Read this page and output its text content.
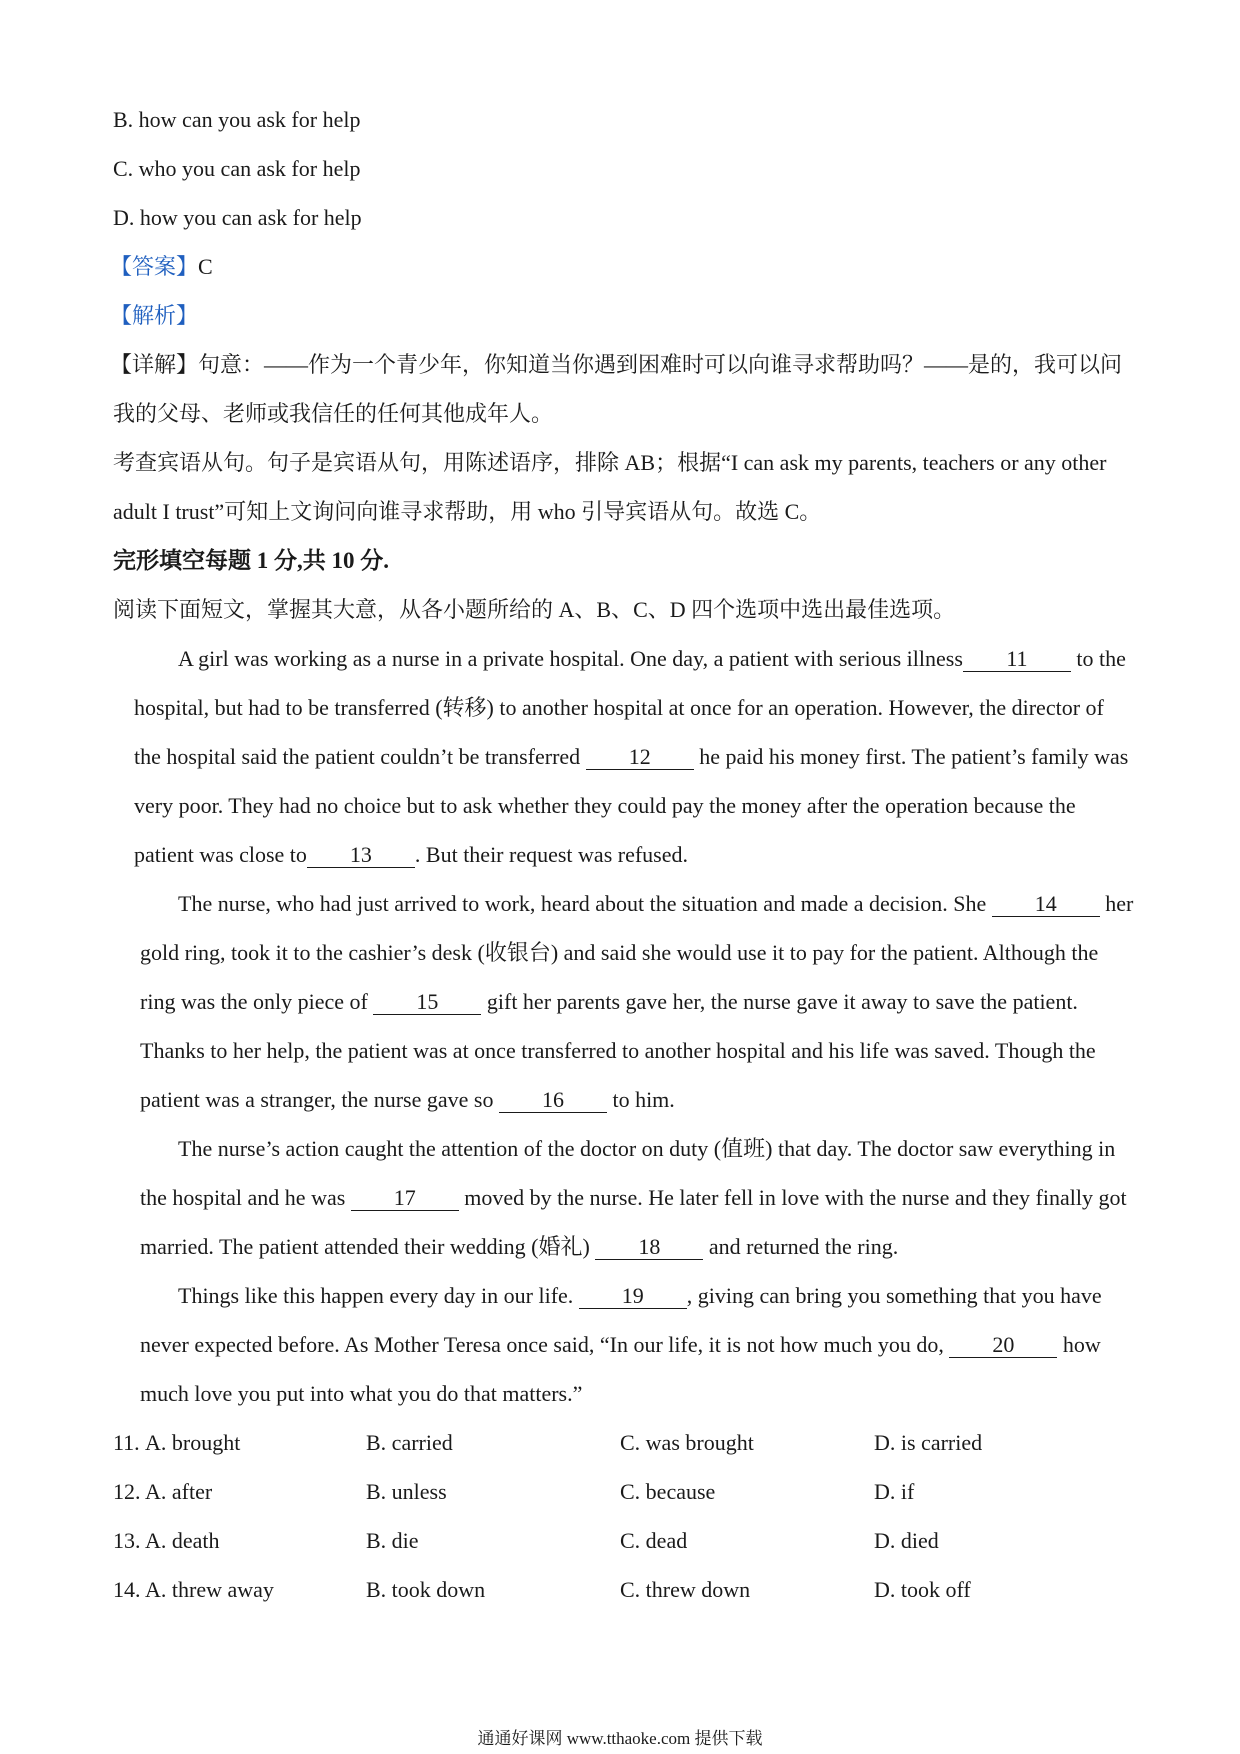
B. how can you ask for help
C. who you can ask for help
D. how you can ask for help
【答案】C
【解析】
【详解】句意：——作为一个青少年，你知道当你遇到困难时可以向谁寻求帮助吗？——是的，我可以问
我的父母、老师或我信任的任何其他成年人。
考查宾语从句。句子是宾语从句，用陈述语序，排除 AB；根据“I can ask my parents, teachers or any other
adult I trust”可知上文询问向谁寻求帮助，用 who 引导宾语从句。故选 C。
完形填空每题 1 分,共 10 分.
阅读下面短文，掌握其大意，从各小题所给的 A、B、C、D 四个选项中选出最佳选项。
A girl was working as a nurse in a private hospital. One day, a patient with serious illness 11 to the
hospital, but had to be transferred (转移) to another hospital at once for an operation. However, the director of
the hospital said the patient couldn’t be transferred 12 he paid his money first. The patient’s family was
very poor. They had no choice but to ask whether they could pay the money after the operation because the
patient was close to 13 . But their request was refused.
The nurse, who had just arrived to work, heard about the situation and made a decision. She 14 her
gold ring, took it to the cashier’s desk (收银台) and said she would use it to pay for the patient. Although the
ring was the only piece of 15 gift her parents gave her, the nurse gave it away to save the patient.
Thanks to her help, the patient was at once transferred to another hospital and his life was saved. Though the
patient was a stranger, the nurse gave so 16 to him.
The nurse’s action caught the attention of the doctor on duty (值班) that day. The doctor saw everything in
the hospital and he was 17 moved by the nurse. He later fell in love with the nurse and they finally got
married. The patient attended their wedding (婚礼) 18 and returned the ring.
Things like this happen every day in our life. 19 , giving can bring you something that you have
never expected before. As Mother Teresa once said, “In our life, it is not how much you do, 20 how
much love you put into what you do that matters.”
11. A. brought	B. carried	C. was brought	D. is carried
12. A. after	B. unless	C. because	D. if
13. A. death	B. die	C. dead	D. died
14. A. threw away	B. took down	C. threw down	D. took off
通通好课网 www.tthaoke.com 提供下载
